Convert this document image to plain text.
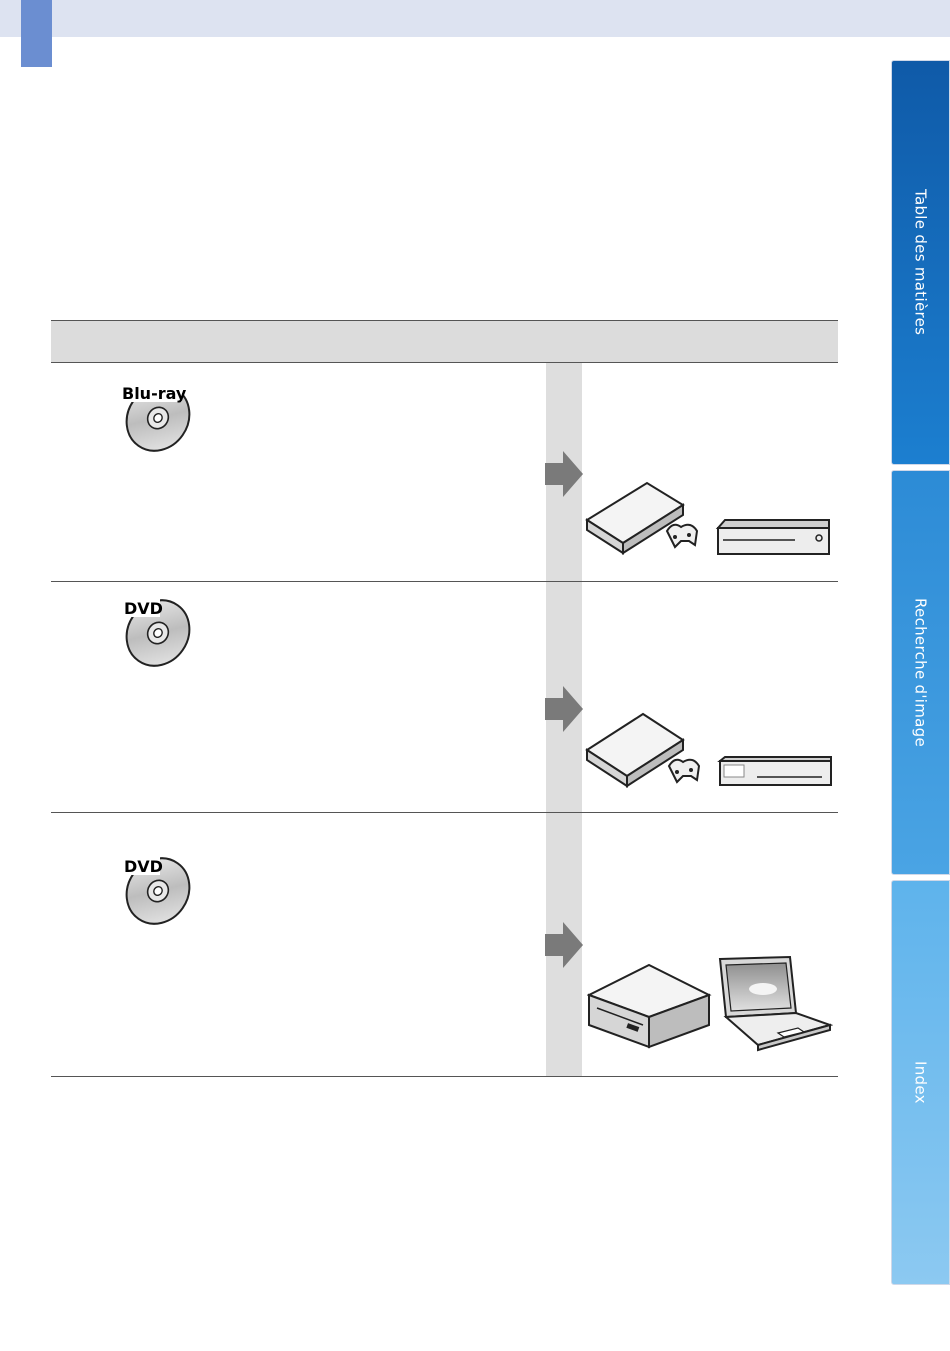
Blu-ray
DVD
DVD
Table des matières
Recherche d'image
Index
